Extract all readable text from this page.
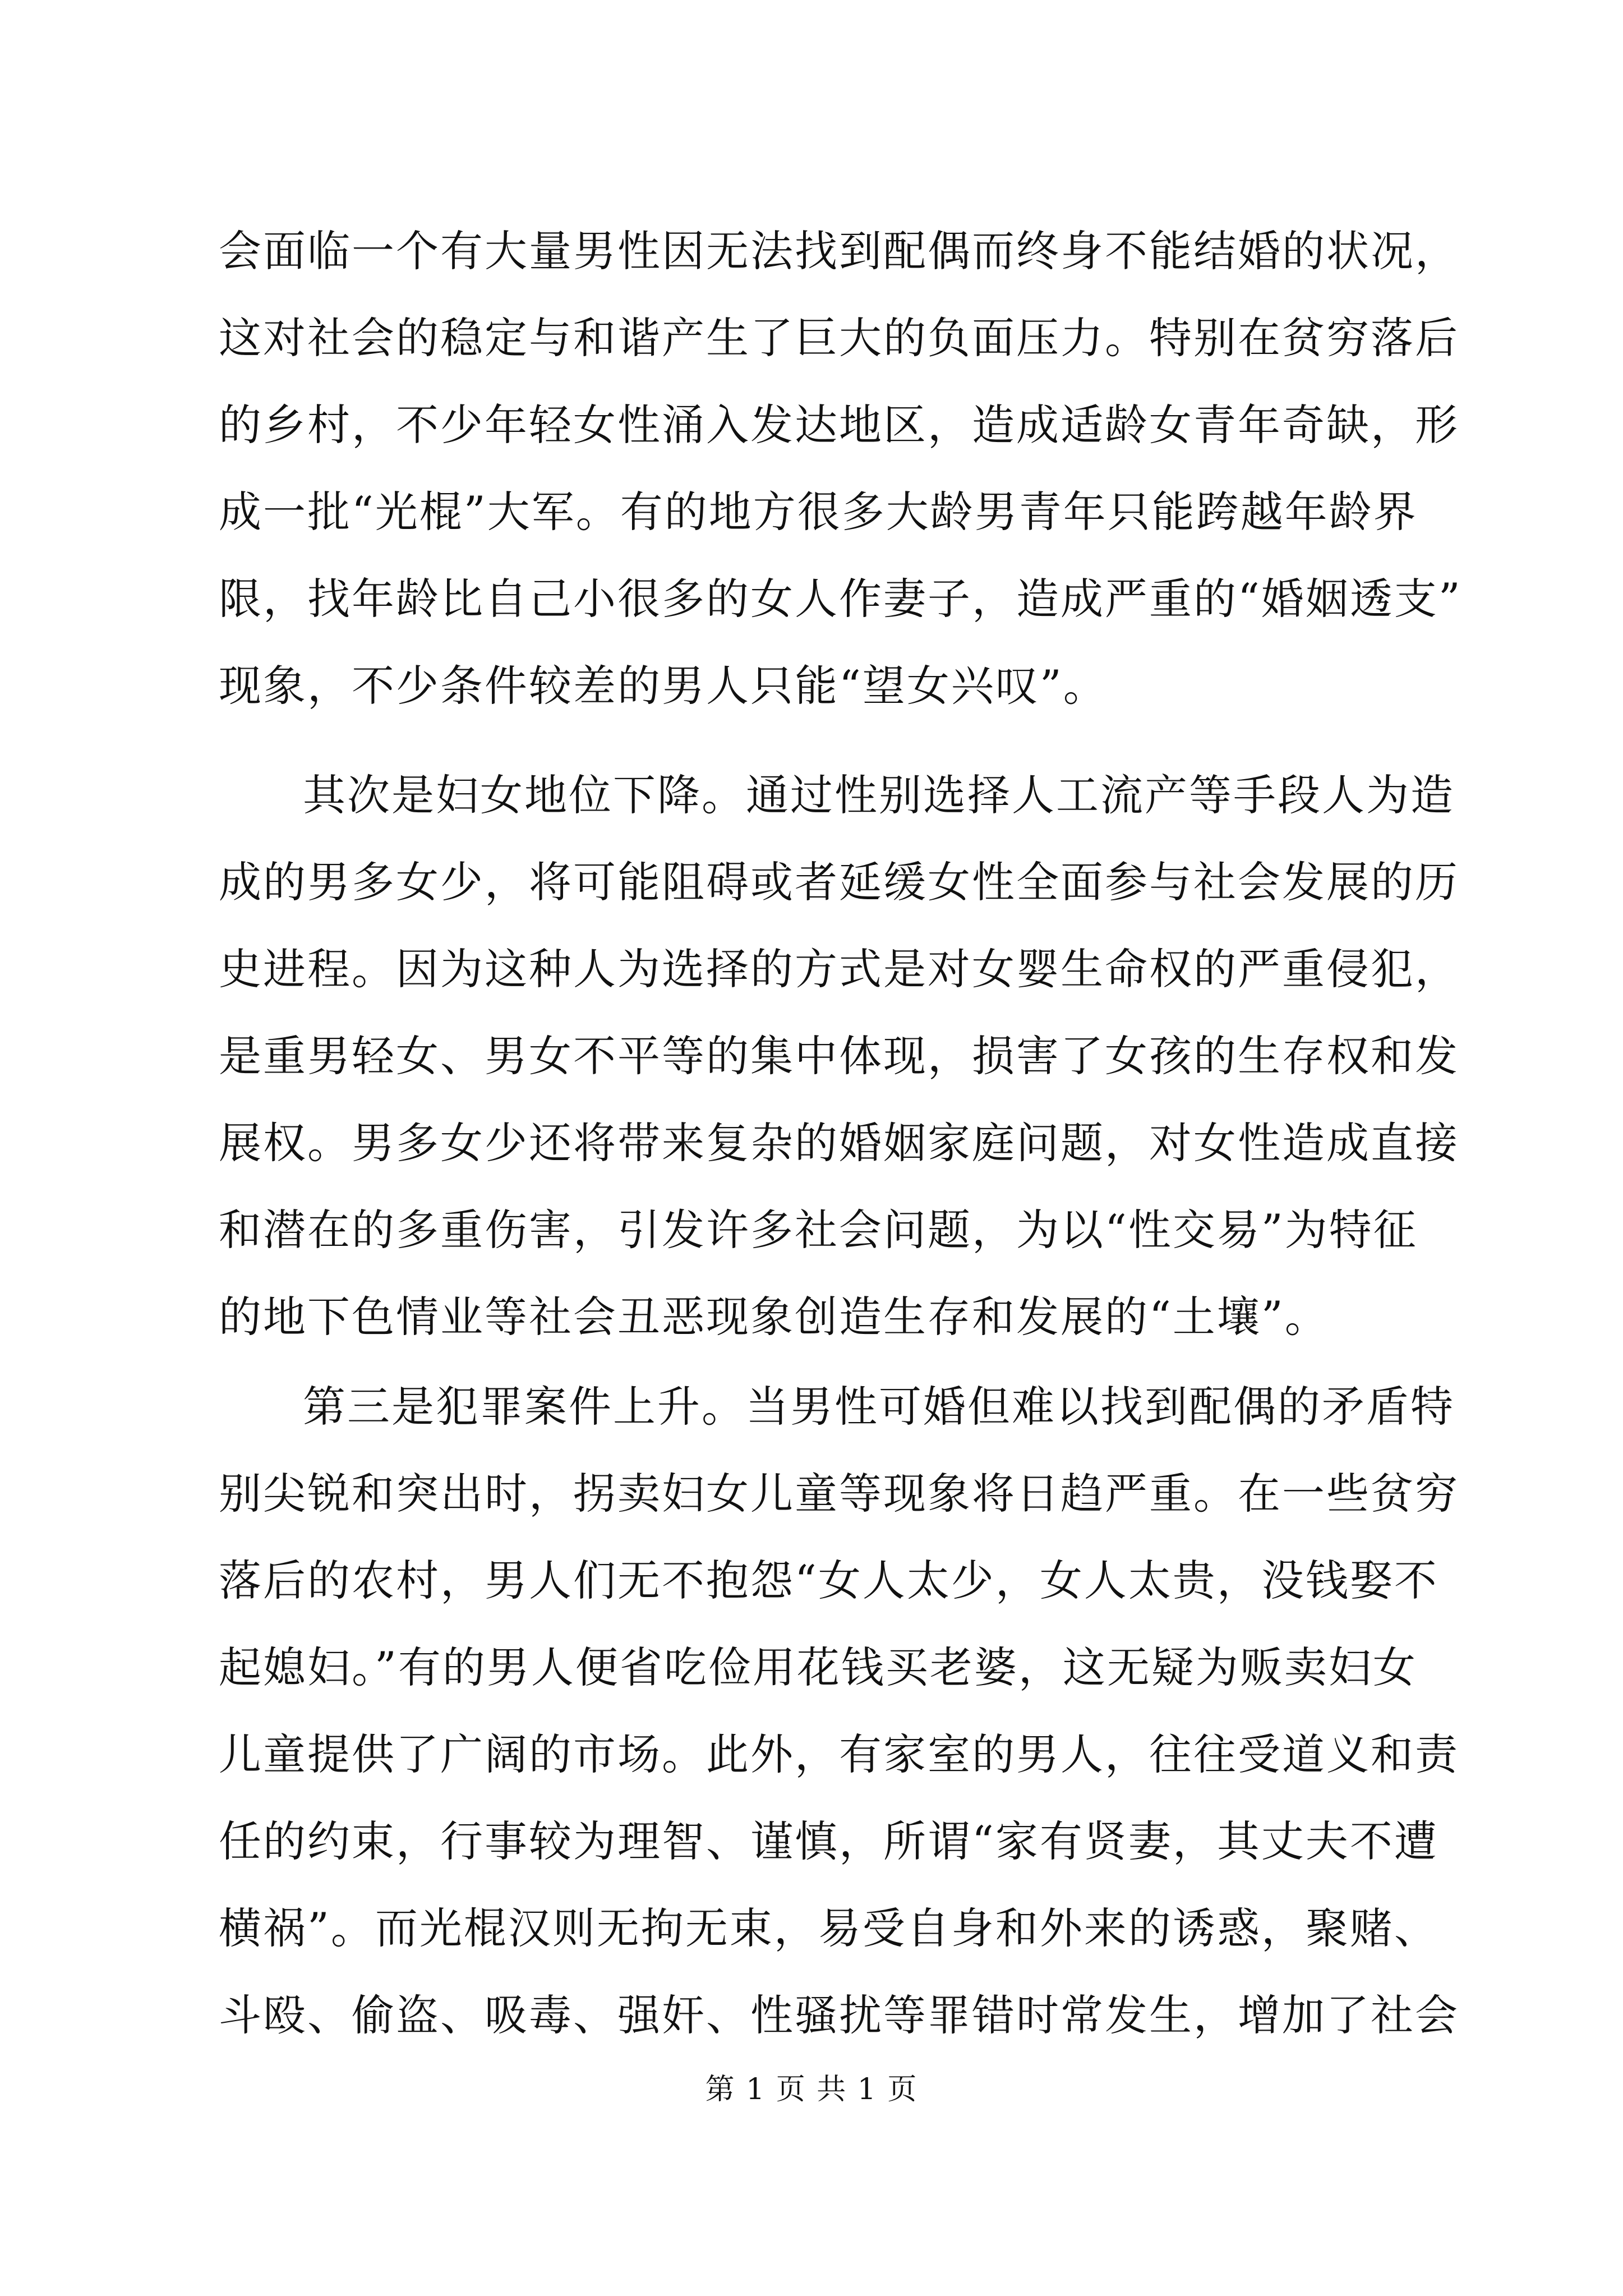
会面临一个有大量男性因无法找到配偶而终身不能结婚的状况，
这对社会的稳定与和谐产生了巨大的负面压力。特别在贫穷落后
的乡村，不少年轻女性涌入发达地区，造成适龄女青年奇缺，形
成一批“光棍”大军。有的地方很多大龄男青年只能跨越年龄界
限，找年龄比自己小很多的女人作妻子，造成严重的“婚姻透支”
现象，不少条件较差的男人只能“望女兴叹”。
其次是妇女地位下降。通过性别选择人工流产等手段人为造
成的男多女少，将可能阻碍或者延缓女性全面参与社会发展的历
史进程。因为这种人为选择的方式是对女婴生命权的严重侵犯，
是重男轻女、男女不平等的集中体现，损害了女孩的生存权和发
展权。男多女少还将带来复杂的婚姻家庭问题，对女性造成直接
和潜在的多重伤害，引发许多社会问题，为以“性交易”为特征
的地下色情业等社会丑恶现象创造生存和发展的“土壤”。
第三是犯罪案件上升。当男性可婚但难以找到配偶的矛盾特
别尖锐和突出时，拐卖妇女儿童等现象将日趋严重。在一些贫穷
落后的农村，男人们无不抱怨“女人太少，女人太贵，没钱娶不
起媳妇。”有的男人便省吃俭用花钱买老婆，这无疑为贩卖妇女
儿童提供了广阔的市场。此外，有家室的男人，往往受道义和责
任的约束，行事较为理智、谨慎，所谓“家有贤妻，其丈夫不遭
横祸”。而光棍汉则无拘无束，易受自身和外来的诱惑，聚赌、
斗殴、偷盗、吸毒、强奸、性骚扰等罪错时常发生，增加了社会
第 1 页 共 1 页
